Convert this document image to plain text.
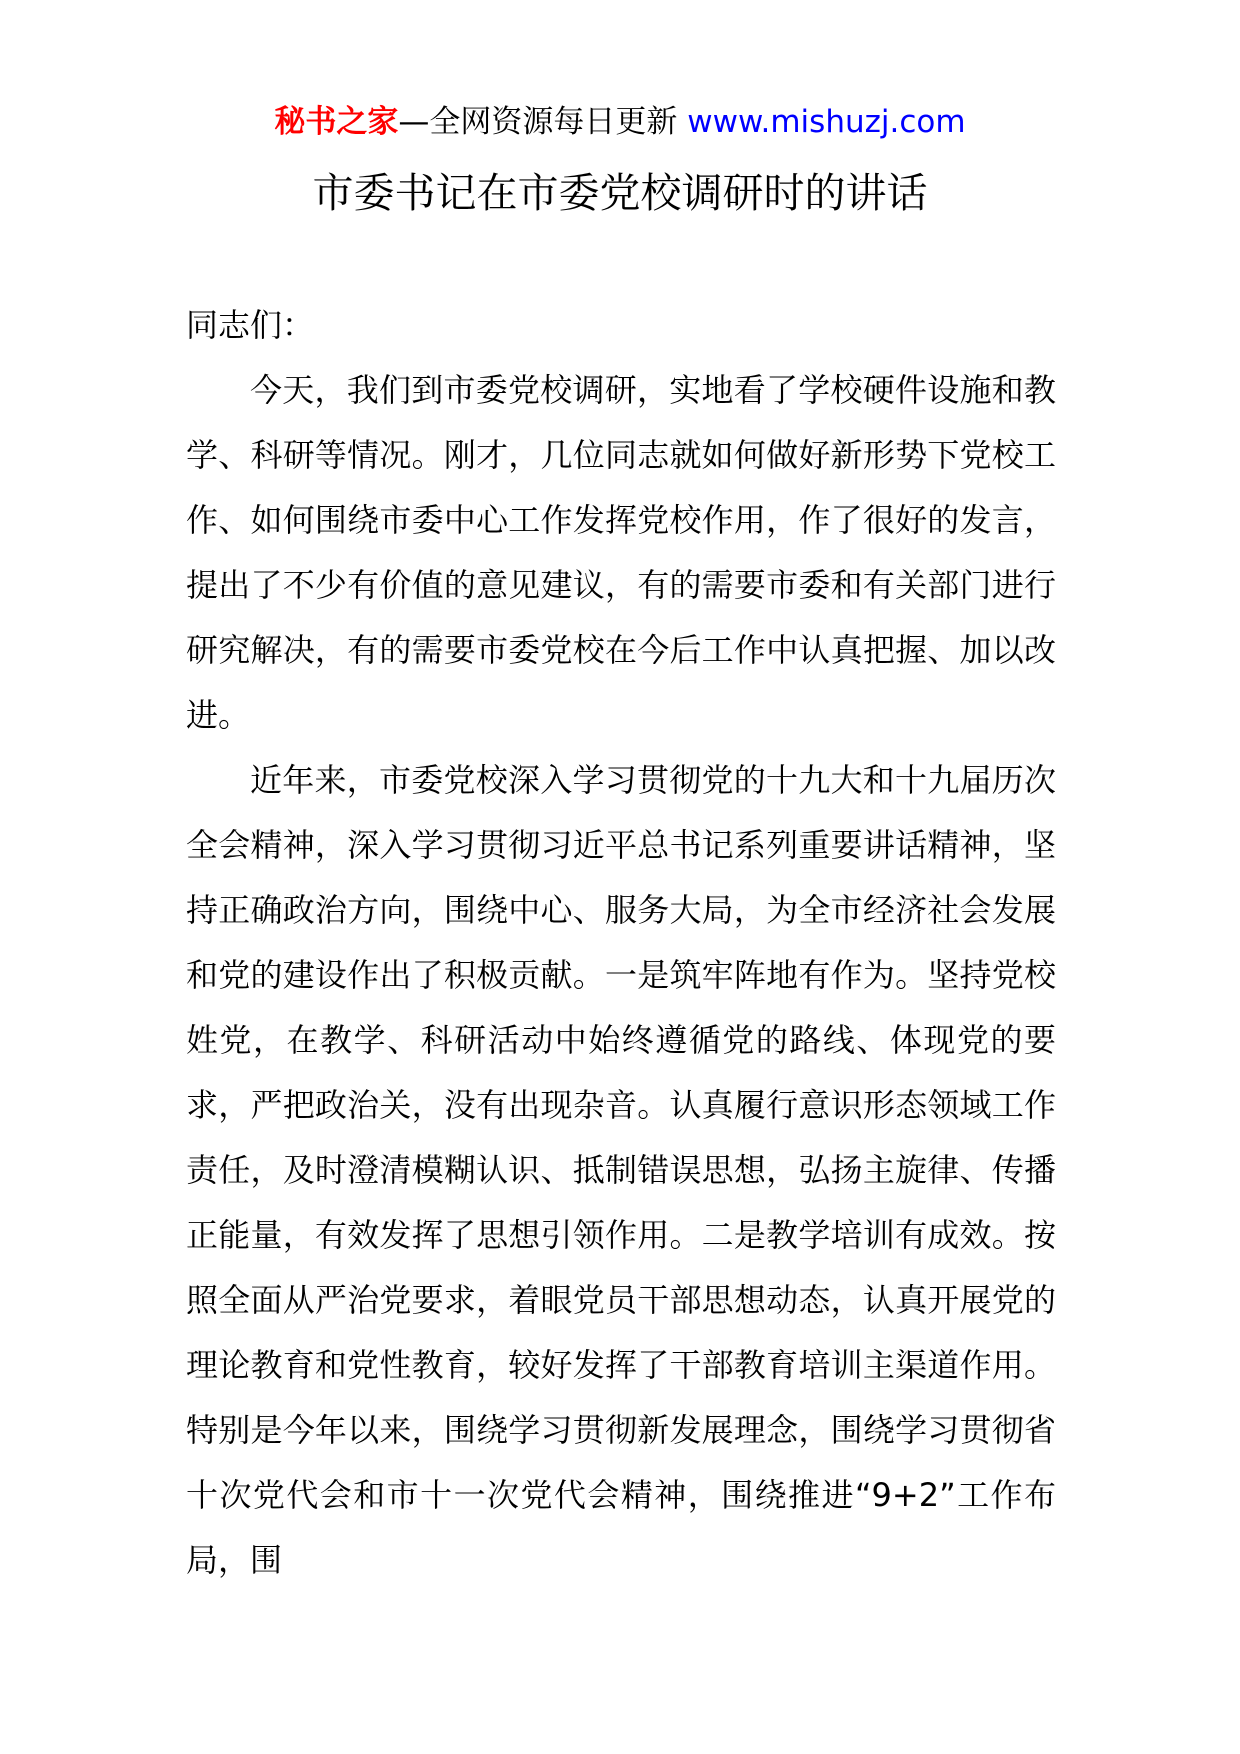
秘书之家—全网资源每日更新 www.mishuzj.com
市委书记在市委党校调研时的讲话

同志们：

今天，我们到市委党校调研，实地看了学校硬件设施和教学、科研等情况。刚才，几位同志就如何做好新形势下党校工作、如何围绕市委中心工作发挥党校作用，作了很好的发言，提出了不少有价值的意见建议，有的需要市委和有关部门进行研究解决，有的需要市委党校在今后工作中认真把握、加以改进。

近年来，市委党校深入学习贯彻党的十九大和十九届历次全会精神，深入学习贯彻习近平总书记系列重要讲话精神，坚持正确政治方向，围绕中心、服务大局，为全市经济社会发展和党的建设作出了积极贡献。一是筑牢阵地有作为。坚持党校姓党，在教学、科研活动中始终遵循党的路线、体现党的要求，严把政治关，没有出现杂音。认真履行意识形态领域工作责任，及时澄清模糊认识、抵制错误思想，弘扬主旋律、传播正能量，有效发挥了思想引领作用。二是教学培训有成效。按照全面从严治党要求，着眼党员干部思想动态，认真开展党的理论教育和党性教育，较好发挥了干部教育培训主渠道作用。特别是今年以来，围绕学习贯彻新发展理念，围绕学习贯彻省十次党代会和市十一次党代会精神，围绕推进“9+2”工作布局，围
